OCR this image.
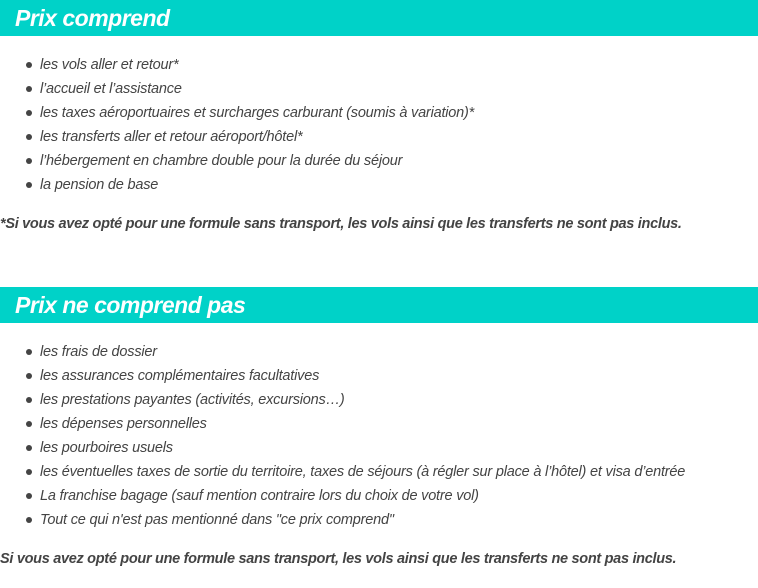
Prix comprend
les vols aller et retour*
l’accueil et l’assistance
les taxes aéroportuaires et surcharges carburant (soumis à variation)*
les transferts aller et retour aéroport/hôtel*
l’hébergement en chambre double pour la durée du séjour
la pension de base

*Si vous avez opté pour une formule sans transport, les vols ainsi que les transferts ne sont pas inclus.

Prix ne comprend pas
les frais de dossier
les assurances complémentaires facultatives
les prestations payantes (activités, excursions…)
les dépenses personnelles
les pourboires usuels
les éventuelles taxes de sortie du territoire, taxes de séjours (à régler sur place à l’hôtel) et visa d’entrée
La franchise bagage (sauf mention contraire lors du choix de votre vol)
Tout ce qui n'est pas mentionné dans "ce prix comprend"

Si vous avez opté pour une formule sans transport, les vols ainsi que les transferts ne sont pas inclus.
